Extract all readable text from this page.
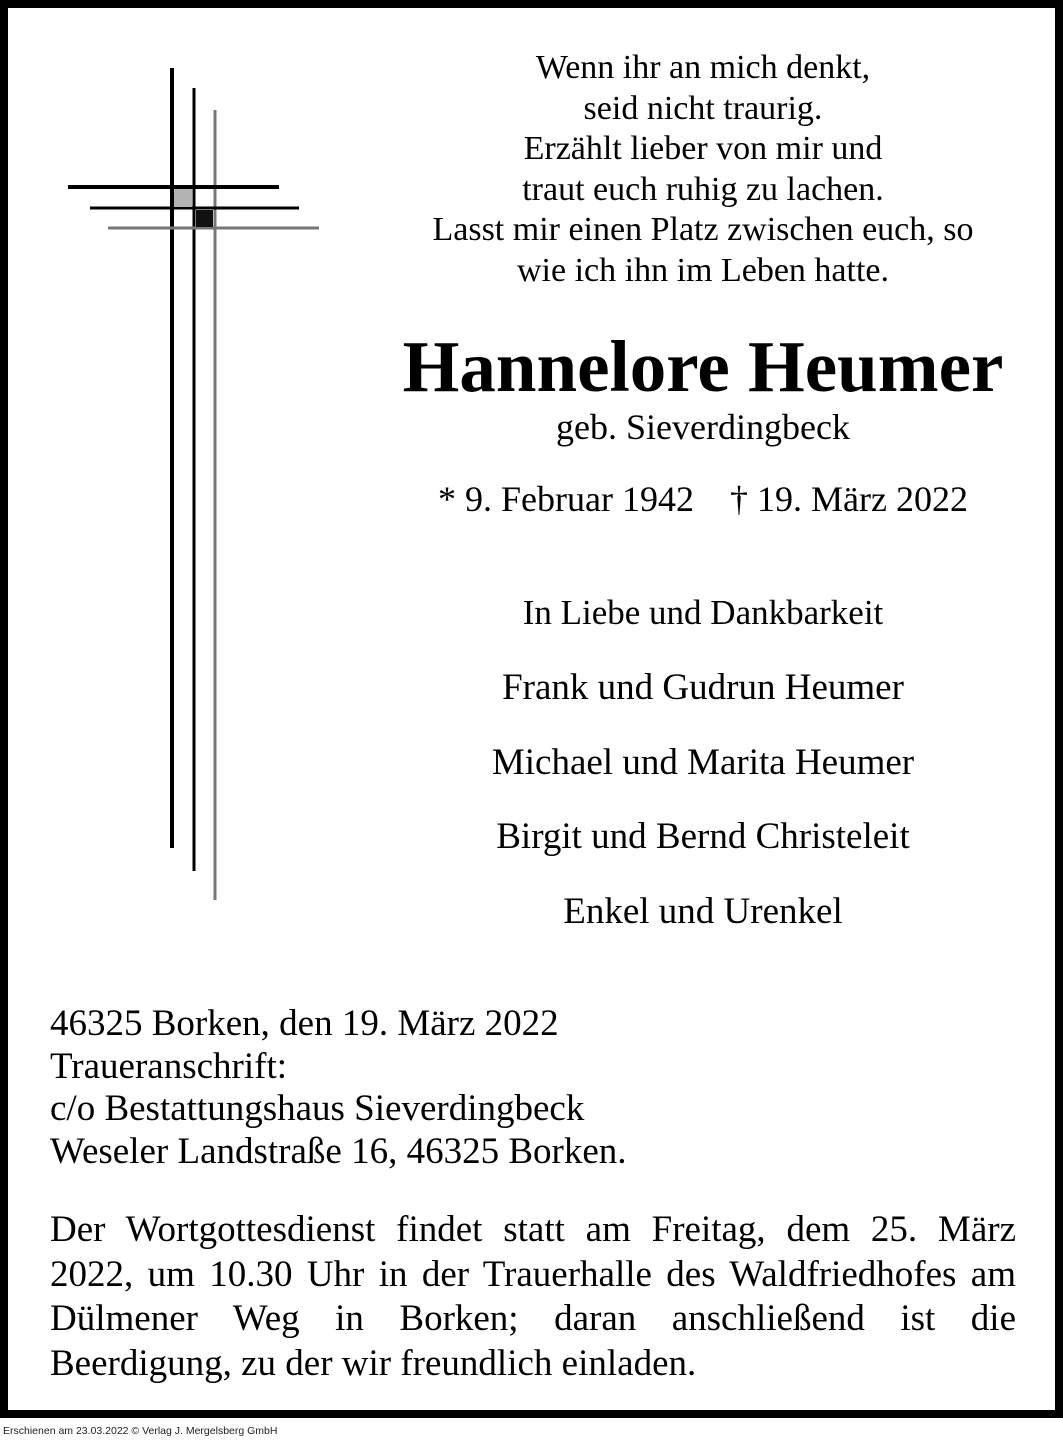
Wenn ihr an mich denkt,
seid nicht traurig.
Erzählt lieber von mir und
traut euch ruhig zu lachen.
Lasst mir einen Platz zwischen euch, so
wie ich ihn im Leben hatte.
Hannelore Heumer
geb. Sieverdingbeck
* 9. Februar 1942    † 19. März 2022
In Liebe und Dankbarkeit
Frank und Gudrun Heumer
Michael und Marita Heumer
Birgit und Bernd Christeleit
Enkel und Urenkel
46325 Borken, den 19. März 2022
Traueranschrift:
c/o Bestattungshaus Sieverdingbeck
Weseler Landstraße 16, 46325 Borken.
Der Wortgottesdienst findet statt am Freitag, dem 25. März 2022, um 10.30 Uhr in der Trauerhalle des Waldfriedhofes am Dülmener Weg in Borken; daran anschließend ist die Beerdigung, zu der wir freundlich einladen.
Erschienen am 23.03.2022 © Verlag J. Mergelsberg GmbH
